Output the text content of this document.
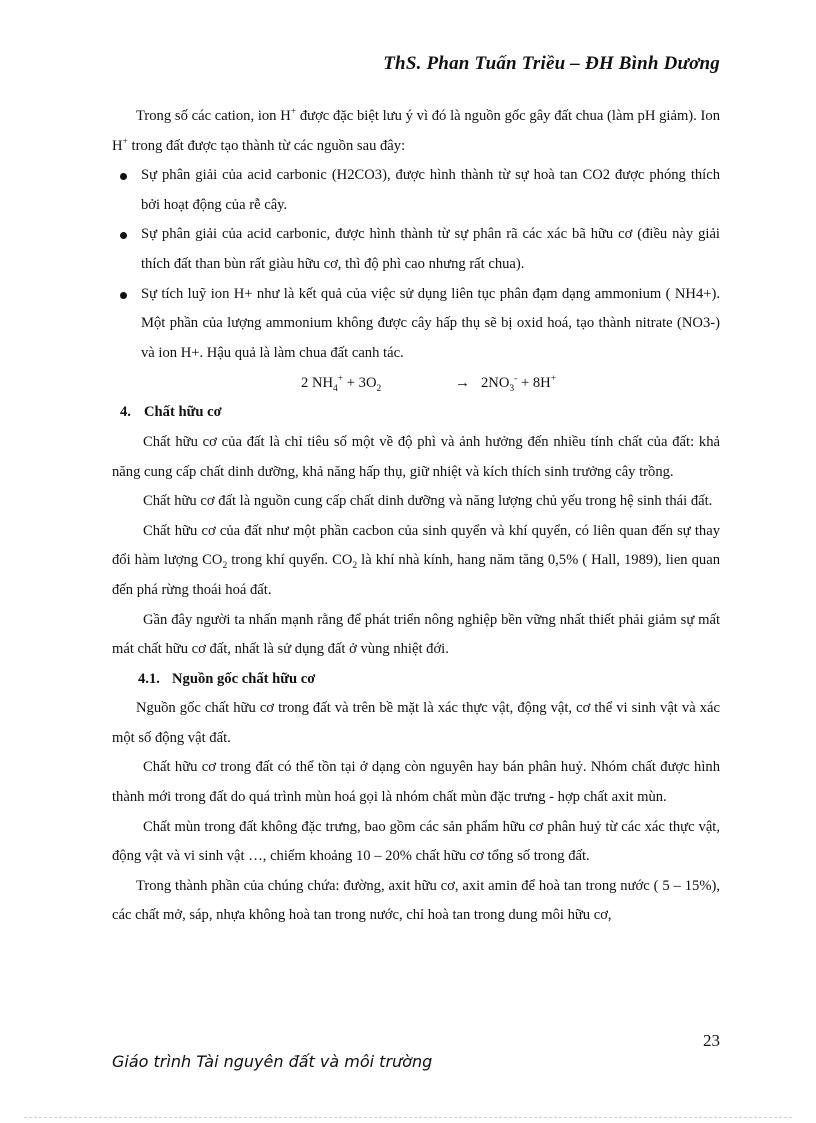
ThS. Phan Tuấn Triều – ĐH Bình Dương

Trong số các cation, ion H+ được đặc biệt lưu ý vì đó là nguồn gốc gây đất chua (làm pH giảm). Ion H+ trong đất được tạo thành từ các nguồn sau đây:

Sự phân giải của acid carbonic (H2CO3), được hình thành từ sự hoà tan CO2 được phóng thích bởi hoạt động của rễ cây.
Sự phân giải của acid carbonic, được hình thành từ sự phân rã các xác bã hữu cơ (điều này giải thích đất than bùn rất giàu hữu cơ, thì độ phì cao nhưng rất chua).
Sự tích luỹ ion H+ như là kết quả của việc sử dụng liên tục phân đạm dạng ammonium ( NH4+). Một phần của lượng ammonium không được cây hấp thụ sẽ bị oxid hoá, tạo thành nitrate (NO3-) và ion H+. Hậu quả là làm chua đất canh tác.
2 $NH_4^+ + 3O_2$	→ $2NO_3^- + 8H^+$

4. Chất hữu cơ

Chất hữu cơ của đất là chỉ tiêu số một về độ phì và ảnh hưởng đến nhiều tính chất của đất: khả năng cung cấp chất dinh dưỡng, khả năng hấp thụ, giữ nhiệt và kích thích sinh trưởng cây trồng.

Chất hữu cơ đất là nguồn cung cấp chất dinh dưỡng và năng lượng chủ yếu trong hệ sinh thái đất.

Chất hữu cơ của đất như một phần cacbon của sinh quyển và khí quyển, có liên quan đến sự thay đổi hàm lượng $CO_2$ trong khí quyển. $CO_2$ là khí nhà kính, hang năm tăng 0,5% ( Hall, 1989), lien quan đến phá rừng thoái hoá đất.

Gần đây người ta nhấn mạnh rằng để phát triển nông nghiệp bền vững nhất thiết phải giảm sự mất mát chất hữu cơ đất, nhất là sử dụng đất ở vùng nhiệt đới.

4.1. Nguồn gốc chất hữu cơ

Nguồn gốc chất hữu cơ trong đất và trên bề mặt là xác thực vật, động vật, cơ thể vi sinh vật và xác một số động vật đất.

Chất hữu cơ trong đất có thể tồn tại ở dạng còn nguyên hay bán phân huỷ. Nhóm chất được hình thành mới trong đất do quá trình mùn hoá gọi là nhóm chất mùn đặc trưng - hợp chất axit mùn.

Chất mùn trong đất không đặc trưng, bao gồm các sản phẩm hữu cơ phân huỷ từ các xác thực vật, động vật và vi sinh vật …, chiếm khoảng 10 – 20% chất hữu cơ tổng số trong đất.

Trong thành phần của chúng chứa: đường, axit hữu cơ, axit amin để hoà tan trong nước ( 5 – 15%), các chất mở, sáp, nhựa không hoà tan trong nước, chỉ hoà tan trong dung môi hữu cơ,

23
Giáo trình Tài nguyên đất và môi trường
